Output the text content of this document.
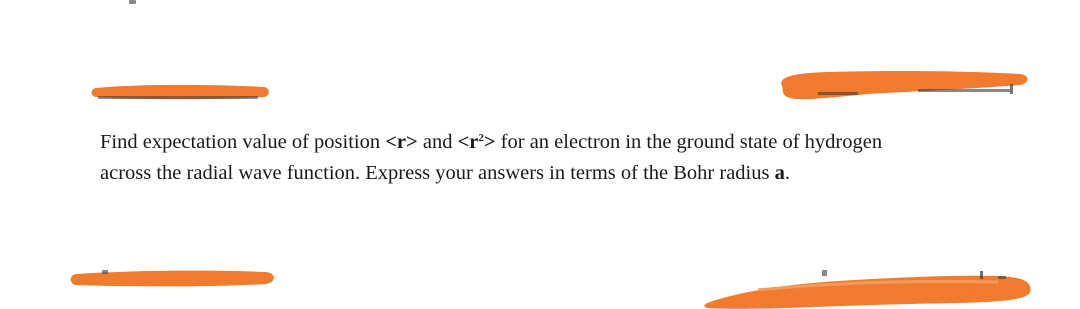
Find expectation value of position <r> and $<r^2>$ for an electron in the ground state of hydrogen
across the radial wave function. Express your answers in terms of the Bohr radius a.
